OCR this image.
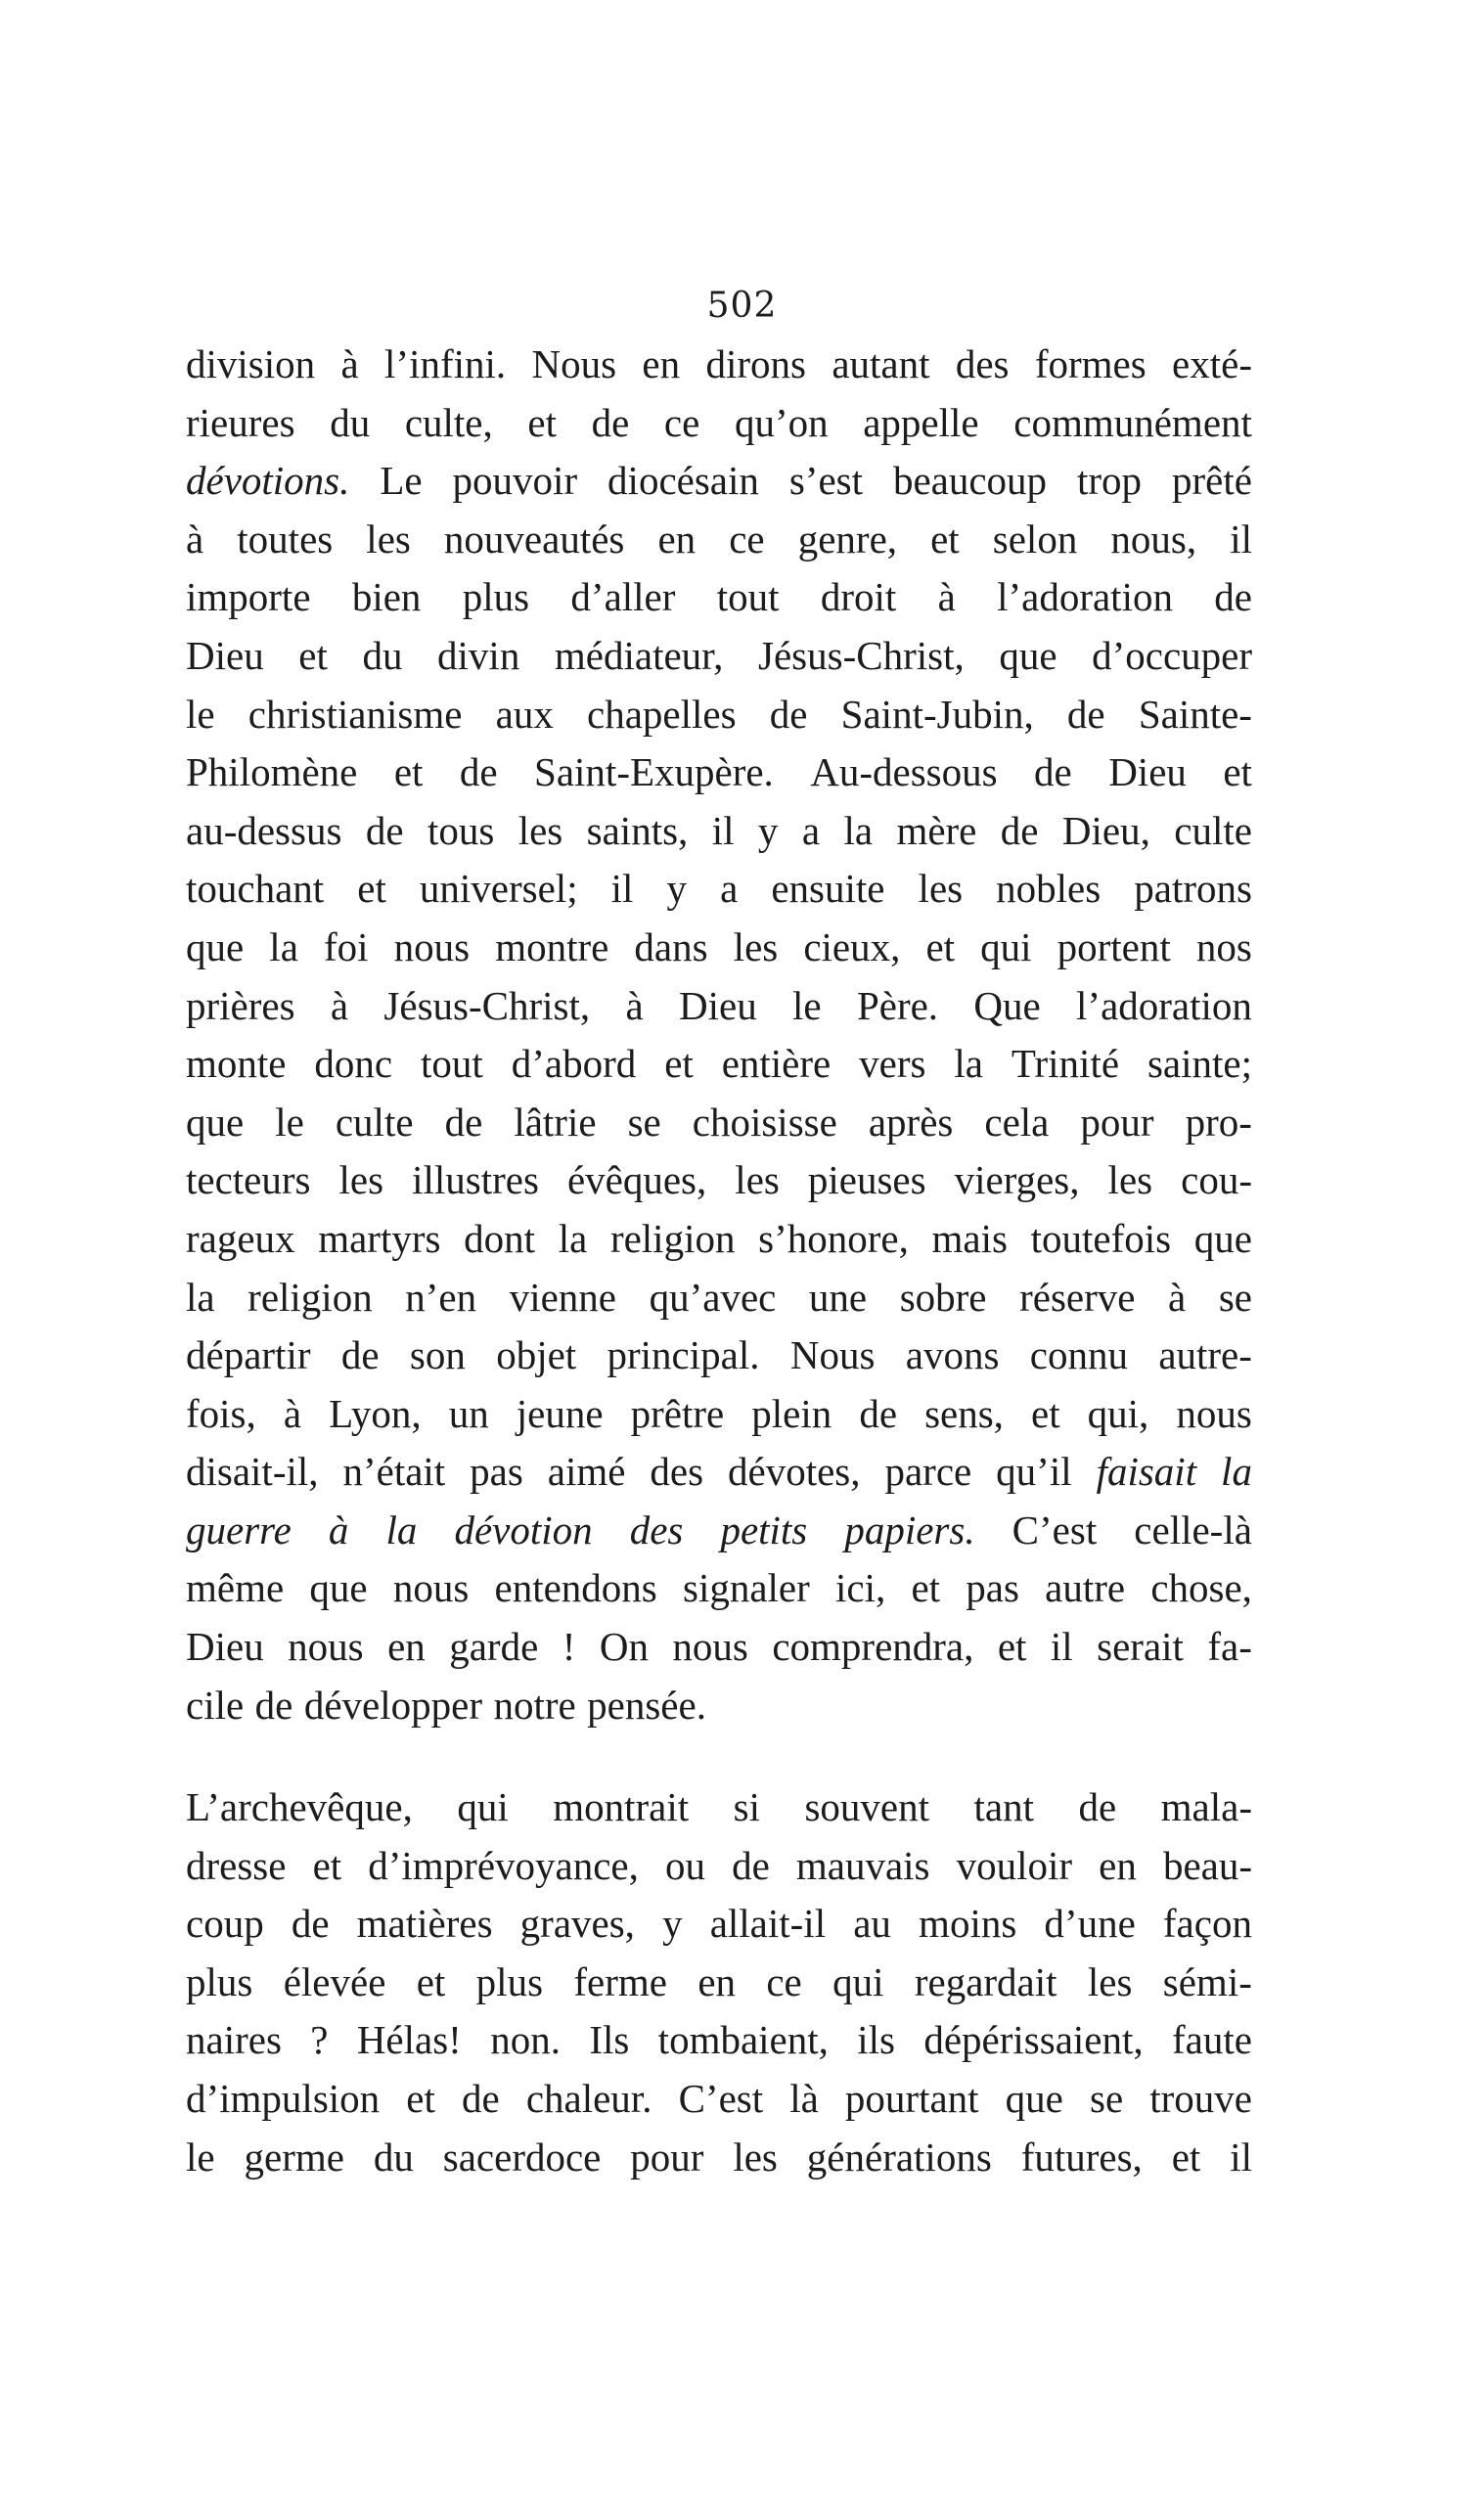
502
division à l’infini. Nous en dirons autant des formes exté-
rieures du culte, et de ce qu’on appelle communément
dévotions. Le pouvoir diocésain s’est beaucoup trop prêté
à toutes les nouveautés en ce genre, et selon nous, il
importe bien plus d’aller tout droit à l’adoration de
Dieu et du divin médiateur, Jésus-Christ, que d’occuper
le christianisme aux chapelles de Saint-Jubin, de Sainte-
Philomène et de Saint-Exupère. Au-dessous de Dieu et
au-dessus de tous les saints, il y a la mère de Dieu, culte
touchant et universel; il y a ensuite les nobles patrons
que la foi nous montre dans les cieux, et qui portent nos
prières à Jésus-Christ, à Dieu le Père. Que l’adoration
monte donc tout d’abord et entière vers la Trinité sainte;
que le culte de lâtrie se choisisse après cela pour pro-
tecteurs les illustres évêques, les pieuses vierges, les cou-
rageux martyrs dont la religion s’honore, mais toutefois que
la religion n’en vienne qu’avec une sobre réserve à se
départir de son objet principal. Nous avons connu autre-
fois, à Lyon, un jeune prêtre plein de sens, et qui, nous
disait-il, n’était pas aimé des dévotes, parce qu’il faisait la
guerre à la dévotion des petits papiers. C’est celle-là
même que nous entendons signaler ici, et pas autre chose,
Dieu nous en garde ! On nous comprendra, et il serait fa-
cile de développer notre pensée.
L’archevêque, qui montrait si souvent tant de mala-
dresse et d’imprévoyance, ou de mauvais vouloir en beau-
coup de matières graves, y allait-il au moins d’une façon
plus élevée et plus ferme en ce qui regardait les sémi-
naires ? Hélas! non. Ils tombaient, ils dépérissaient, faute
d’impulsion et de chaleur. C’est là pourtant que se trouve
le germe du sacerdoce pour les générations futures, et il
